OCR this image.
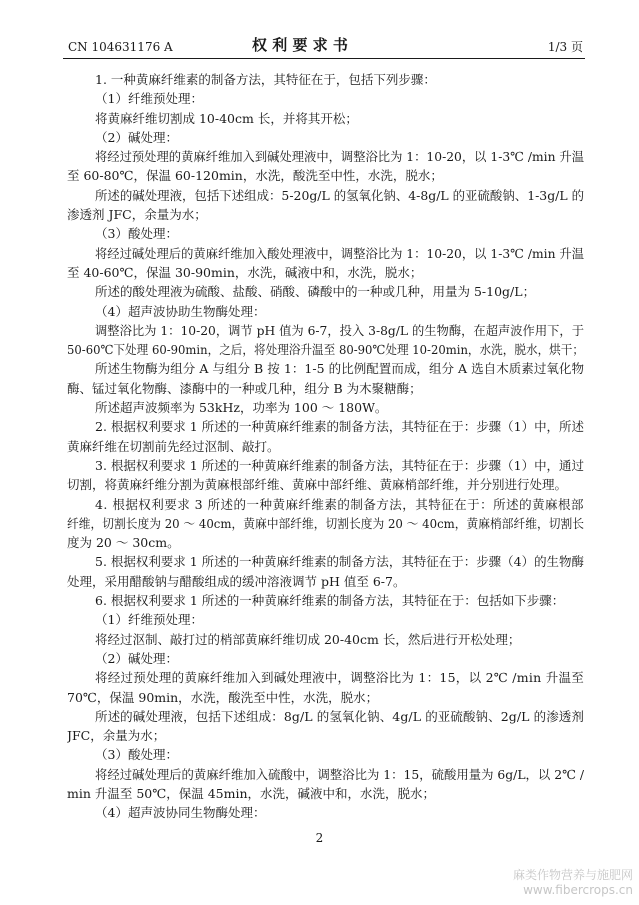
CN 104631176 A	权 利 要 求 书	1/3 页
1. 一种黄麻纤维素的制备方法，其特征在于，包括下列步骤：
（1）纤维预处理：
将黄麻纤维切割成 10-40cm 长，并将其开松；
（2）碱处理：
将经过预处理的黄麻纤维加入到碱处理液中，调整浴比为 1：10-20，以 1-3℃ /min 升温
至 60-80℃，保温 60-120min，水洗，酸洗至中性，水洗，脱水；
所述的碱处理液，包括下述组成：5-20g/L 的氢氧化钠、4-8g/L 的亚硫酸钠、1-3g/L 的
渗透剂 JFC，余量为水；
（3）酸处理：
将经过碱处理后的黄麻纤维加入酸处理液中，调整浴比为 1：10-20，以 1-3℃ /min 升温
至 40-60℃，保温 30-90min，水洗，碱液中和，水洗，脱水；
所述的酸处理液为硫酸、盐酸、硝酸、磷酸中的一种或几种，用量为 5-10g/L；
（4）超声波协助生物酶处理：
调整浴比为 1：10-20，调节 pH 值为 6-7，投入 3-8g/L 的生物酶，在超声波作用下，于
50-60℃下处理 60-90min，之后，将处理浴升温至 80-90℃处理 10-20min，水洗，脱水，烘干；
所述生物酶为组分 A 与组分 B 按 1：1-5 的比例配置而成，组分 A 选自木质素过氧化物
酶、锰过氧化物酶、漆酶中的一种或几种，组分 B 为木聚糖酶；
所述超声波频率为 53kHz，功率为 100 ～ 180W。
2. 根据权利要求 1 所述的一种黄麻纤维素的制备方法，其特征在于：步骤（1）中，所述
黄麻纤维在切割前先经过沤制、敲打。
3. 根据权利要求 1 所述的一种黄麻纤维素的制备方法，其特征在于：步骤（1）中，通过
切割，将黄麻纤维分割为黄麻根部纤维、黄麻中部纤维、黄麻梢部纤维，并分别进行处理。
4. 根据权利要求 3 所述的一种黄麻纤维素的制备方法，其特征在于：所述的黄麻根部
纤维，切割长度为 20 ～ 40cm，黄麻中部纤维，切割长度为 20 ～ 40cm，黄麻梢部纤维，切割长
度为 20 ～ 30cm。
5. 根据权利要求 1 所述的一种黄麻纤维素的制备方法，其特征在于：步骤（4）的生物酶
处理，采用醋酸钠与醋酸组成的缓冲溶液调节 pH 值至 6-7。
6. 根据权利要求 1 所述的一种黄麻纤维素的制备方法，其特征在于：包括如下步骤：
（1）纤维预处理：
将经过沤制、敲打过的梢部黄麻纤维切成 20-40cm 长，然后进行开松处理；
（2）碱处理：
将经过预处理的黄麻纤维加入到碱处理液中，调整浴比为 1：15，以 2℃ /min 升温至
70℃，保温 90min，水洗，酸洗至中性，水洗，脱水；
所述的碱处理液，包括下述组成：8g/L 的氢氧化钠、4g/L 的亚硫酸钠、2g/L 的渗透剂
JFC，余量为水；
（3）酸处理：
将经过碱处理后的黄麻纤维加入硫酸中，调整浴比为 1：15，硫酸用量为 6g/L，以 2℃ /
min 升温至 50℃，保温 45min，水洗，碱液中和，水洗，脱水；
（4）超声波协同生物酶处理：
2
麻类作物营养与施肥网
www.fibercrops.cn
